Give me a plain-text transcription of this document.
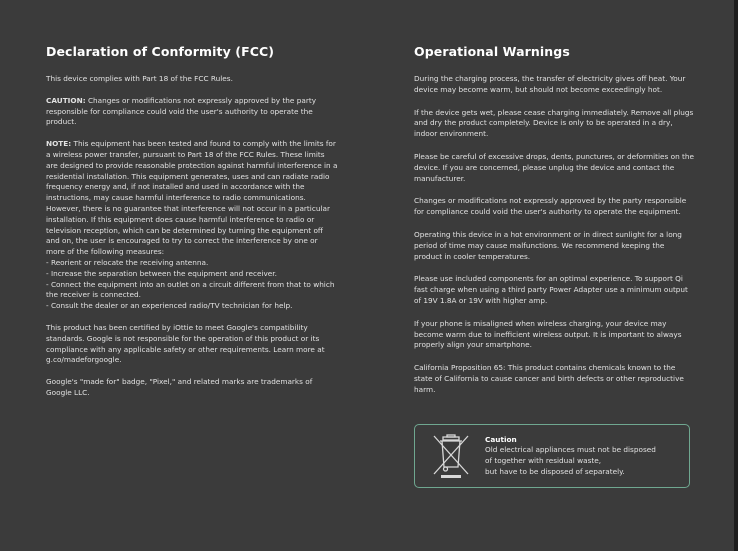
Declaration of Conformity (FCC)

This device complies with Part 18 of the FCC Rules.

CAUTION: Changes or modifications not expressly approved by the party responsible for compliance could void the user's authority to operate the product.

NOTE: This equipment has been tested and found to comply with the limits for a wireless power transfer, pursuant to Part 18 of the FCC Rules. These limits are designed to provide reasonable protection against harmful interference in a residential installation. This equipment generates, uses and can radiate radio frequency energy and, if not installed and used in accordance with the instructions, may cause harmful interference to radio communications. However, there is no guarantee that interference will not occur in a particular installation. If this equipment does cause harmful interference to radio or television reception, which can be determined by turning the equipment off and on, the user is encouraged to try to correct the interference by one or more of the following measures:
- Reorient or relocate the receiving antenna.
- Increase the separation between the equipment and receiver.
- Connect the equipment into an outlet on a circuit different from that to which the receiver is connected.
- Consult the dealer or an experienced radio/TV technician for help.

This product has been certified by iOttie to meet Google's compatibility standards. Google is not responsible for the operation of this product or its compliance with any applicable safety or other requirements. Learn more at g.co/madeforgoogle.

Google's "made for" badge, "Pixel," and related marks are trademarks of Google LLC.

Operational Warnings

During the charging process, the transfer of electricity gives off heat. Your device may become warm, but should not become exceedingly hot.

If the device gets wet, please cease charging immediately. Remove all plugs and dry the product completely. Device is only to be operated in a dry, indoor environment.

Please be careful of excessive drops, dents, punctures, or deformities on the device. If you are concerned, please unplug the device and contact the manufacturer.

Changes or modifications not expressly approved by the party responsible for compliance could void the user's authority to operate the equipment.

Operating this device in a hot environment or in direct sunlight for a long period of time may cause malfunctions. We recommend keeping the product in cooler temperatures.

Please use included components for an optimal experience. To support Qi fast charge when using a third party Power Adapter use a minimum output of 19V 1.8A or 19V with higher amp.

If your phone is misaligned when wireless charging, your device may become warm due to inefficient wireless output. It is important to always properly align your smartphone.

California Proposition 65: This product contains chemicals known to the state of California to cause cancer and birth defects or other reproductive harm.

Caution
Old electrical appliances must not be disposed
of together with residual waste,
but have to be disposed of separately.
